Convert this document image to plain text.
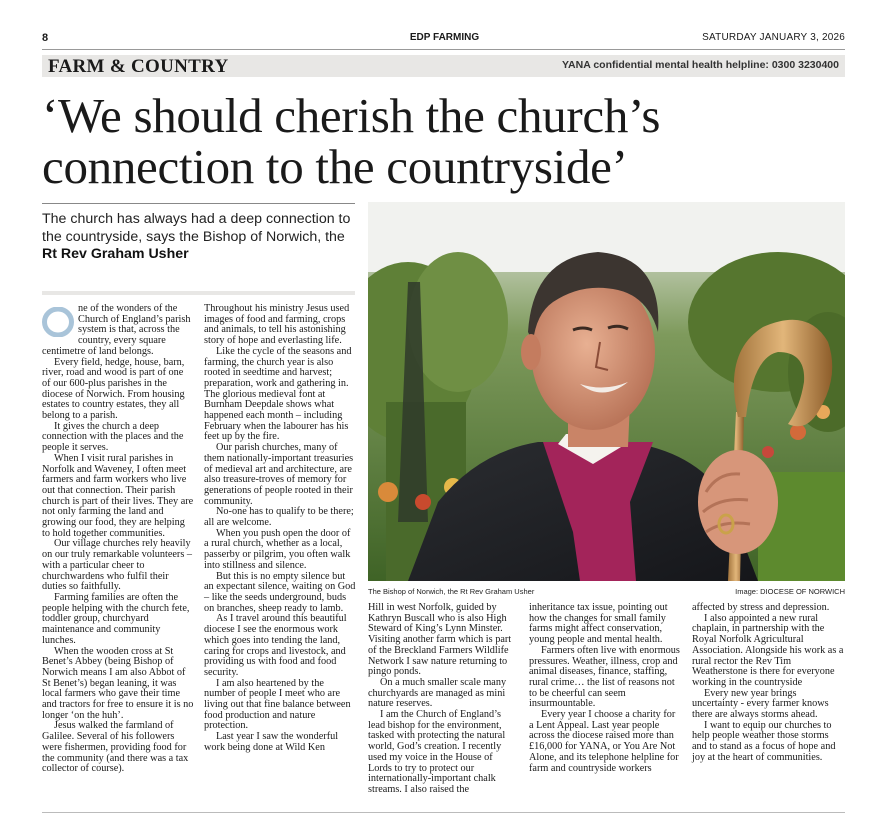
8	EDP FARMING	SATURDAY JANUARY 3, 2026
FARM & COUNTRY	YANA confidential mental health helpline: 0300 3230400
‘We should cherish the church’s
connection to the countryside’
The church has always had a deep connection to the countryside, says the Bishop of Norwich, the Rt Rev Graham Usher
The Bishop of Norwich, the Rt Rev Graham Usher	Image: DIOCESE OF NORWICH

ne of the wonders of the Church of England’s parish system is that, across the country, every square centimetre of land belongs.

Every field, hedge, house, barn, river, road and wood is part of one of our 600-plus parishes in the diocese of Norwich. From housing estates to country estates, they all belong to a parish.

It gives the church a deep connection with the places and the people it serves.

When I visit rural parishes in Norfolk and Waveney, I often meet farmers and farm workers who live out that connection. Their parish church is part of their lives. They are not only farming the land and growing our food, they are helping to hold together communities.

Our village churches rely heavily on our truly remarkable volunteers – with a particular cheer to churchwardens who fulfil their duties so faithfully.

Farming families are often the people helping with the church fete, toddler group, churchyard maintenance and community lunches.

When the wooden cross at St Benet’s Abbey (being Bishop of Norwich means I am also Abbot of St Benet’s) began leaning, it was local farmers who gave their time and tractors for free to ensure it is no longer ‘on the huh’.

Jesus walked the farmland of Galilee. Several of his followers were fishermen, providing food for the community (and there was a tax collector of course).

Throughout his ministry Jesus used images of food and farming, crops and animals, to tell his astonishing story of hope and everlasting life.

Like the cycle of the seasons and farming, the church year is also rooted in seedtime and harvest; preparation, work and gathering in. The glorious medieval font at Burnham Deepdale shows what happened each month – including February when the labourer has his feet up by the fire.

Our parish churches, many of them nationally-important treasuries of medieval art and architecture, are also treasure-troves of memory for generations of people rooted in their community.

No-one has to qualify to be there; all are welcome.

When you push open the door of a rural church, whether as a local, passerby or pilgrim, you often walk into stillness and silence.

But this is no empty silence but an expectant silence, waiting on God – like the seeds underground, buds on branches, sheep ready to lamb.

As I travel around this beautiful diocese I see the enormous work which goes into tending the land, caring for crops and livestock, and providing us with food and food security.

I am also heartened by the number of people I meet who are living out that fine balance between food production and nature protection.

Last year I saw the wonderful work being done at Wild Ken

Hill in west Norfolk, guided by Kathryn Buscall who is also High Steward of King’s Lynn Minster. Visiting another farm which is part of the Breckland Farmers Wildlife Network I saw nature returning to pingo ponds.

On a much smaller scale many churchyards are managed as mini nature reserves.

I am the Church of England’s lead bishop for the environment, tasked with protecting the natural world, God’s creation. I recently used my voice in the House of Lords to try to protect our internationally-important chalk streams. I also raised the

inheritance tax issue, pointing out how the changes for small family farms might affect conservation, young people and mental health.

Farmers often live with enormous pressures. Weather, illness, crop and animal diseases, finance, staffing, rural crime… the list of reasons not to be cheerful can seem insurmountable.

Every year I choose a charity for a Lent Appeal. Last year people across the diocese raised more than £16,000 for YANA, or You Are Not Alone, and its telephone helpline for farm and countryside workers

affected by stress and depression.

I also appointed a new rural chaplain, in partnership with the Royal Norfolk Agricultural Association. Alongside his work as a rural rector the Rev Tim Weatherstone is there for everyone working in the countryside

Every new year brings uncertainty - every farmer knows there are always storms ahead.

I want to equip our churches to help people weather those storms and to stand as a focus of hope and joy at the heart of communities.
